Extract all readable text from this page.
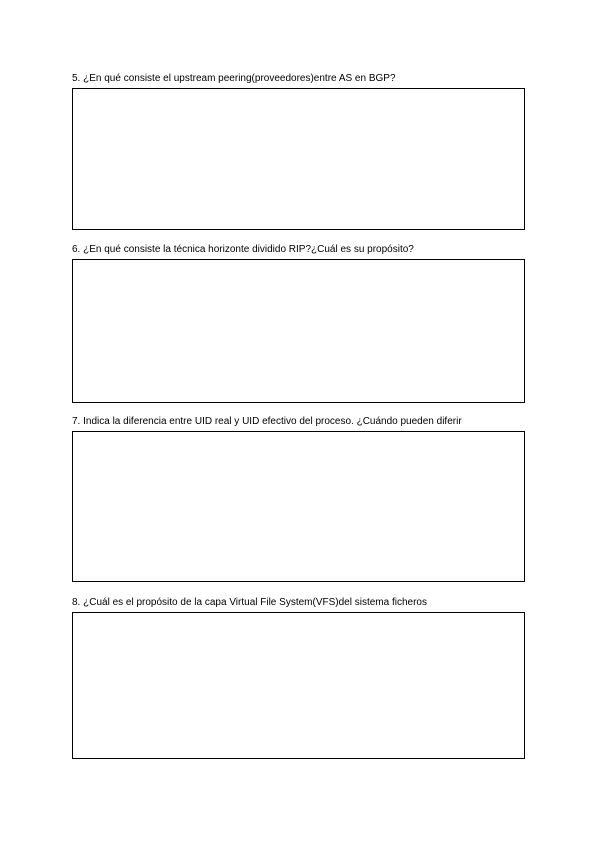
5. ¿En qué consiste el upstream peering(proveedores)entre AS en BGP?

6. ¿En qué consiste la técnica horizonte dividido RIP?¿Cuál es su propósito?

7. Indica la diferencia entre UID real y UID efectivo del proceso. ¿Cuándo pueden diferir

8. ¿Cuál es el propósito de la capa Virtual File System(VFS)del sistema ficheros
